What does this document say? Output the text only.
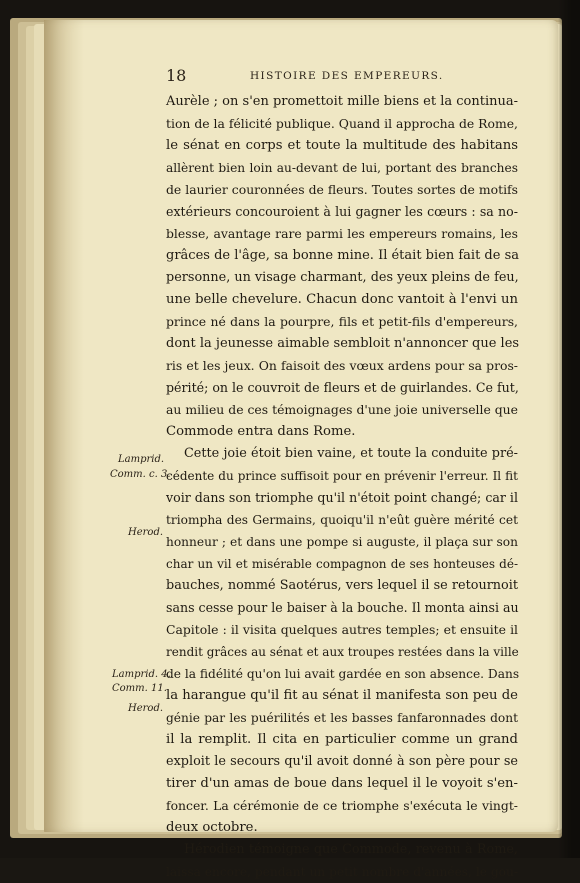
18	HISTOIRE DES EMPEREURS.
Aurèle ; on s'en promettoit mille biens et la continua-
tion de la félicité publique. Quand il approcha de Rome,
le sénat en corps et toute la multitude des habitans
allèrent bien loin au-devant de lui, portant des branches
de laurier couronnées de fleurs. Toutes sortes de motifs
extérieurs concouroient à lui gagner les cœurs : sa no-
blesse, avantage rare parmi les empereurs romains, les
grâces de l'âge, sa bonne mine. Il était bien fait de sa
personne, un visage charmant, des yeux pleins de feu,
une belle chevelure. Chacun donc vantoit à l'envi un
prince né dans la pourpre, fils et petit-fils d'empereurs,
dont la jeunesse aimable sembloit n'annoncer que les
ris et les jeux. On faisoit des vœux ardens pour sa pros-
périté; on le couvroit de fleurs et de guirlandes. Ce fut,
au milieu de ces témoignages d'une joie universelle que
Commode entra dans Rome.
Cette joie étoit bien vaine, et toute la conduite pré-
cédente du prince suffisoit pour en prévenir l'erreur. Il fit
voir dans son triomphe qu'il n'étoit point changé; car il
triompha des Germains, quoiqu'il n'eût guère mérité cet
honneur ; et dans une pompe si auguste, il plaça sur son
char un vil et misérable compagnon de ses honteuses dé-
bauches, nommé Saotérus, vers lequel il se retournoit
sans cesse pour le baiser à la bouche. Il monta ainsi au
Capitole : il visita quelques autres temples; et ensuite il
rendit grâces au sénat et aux troupes restées dans la ville
de la fidélité qu'on lui avait gardée en son absence. Dans
la harangue qu'il fit au sénat il manifesta son peu de
génie par les puérilités et les basses fanfaronnades dont
il la remplit. Il cita en particulier comme un grand
exploit le secours qu'il avoit donné à son père pour se
tirer d'un amas de boue dans lequel il le voyoit s'en-
foncer. La cérémonie de ce triomphe s'exécuta le vingt-
deux octobre.
Hérodien témoigne que Commode, revenu à Rome,
laissa encore, pendant un petit nombre d'années, le gou-
Lamprid.
Comm. c. 3.
Herod.
Lamprid. 4.
Comm. 11.
Herod.
